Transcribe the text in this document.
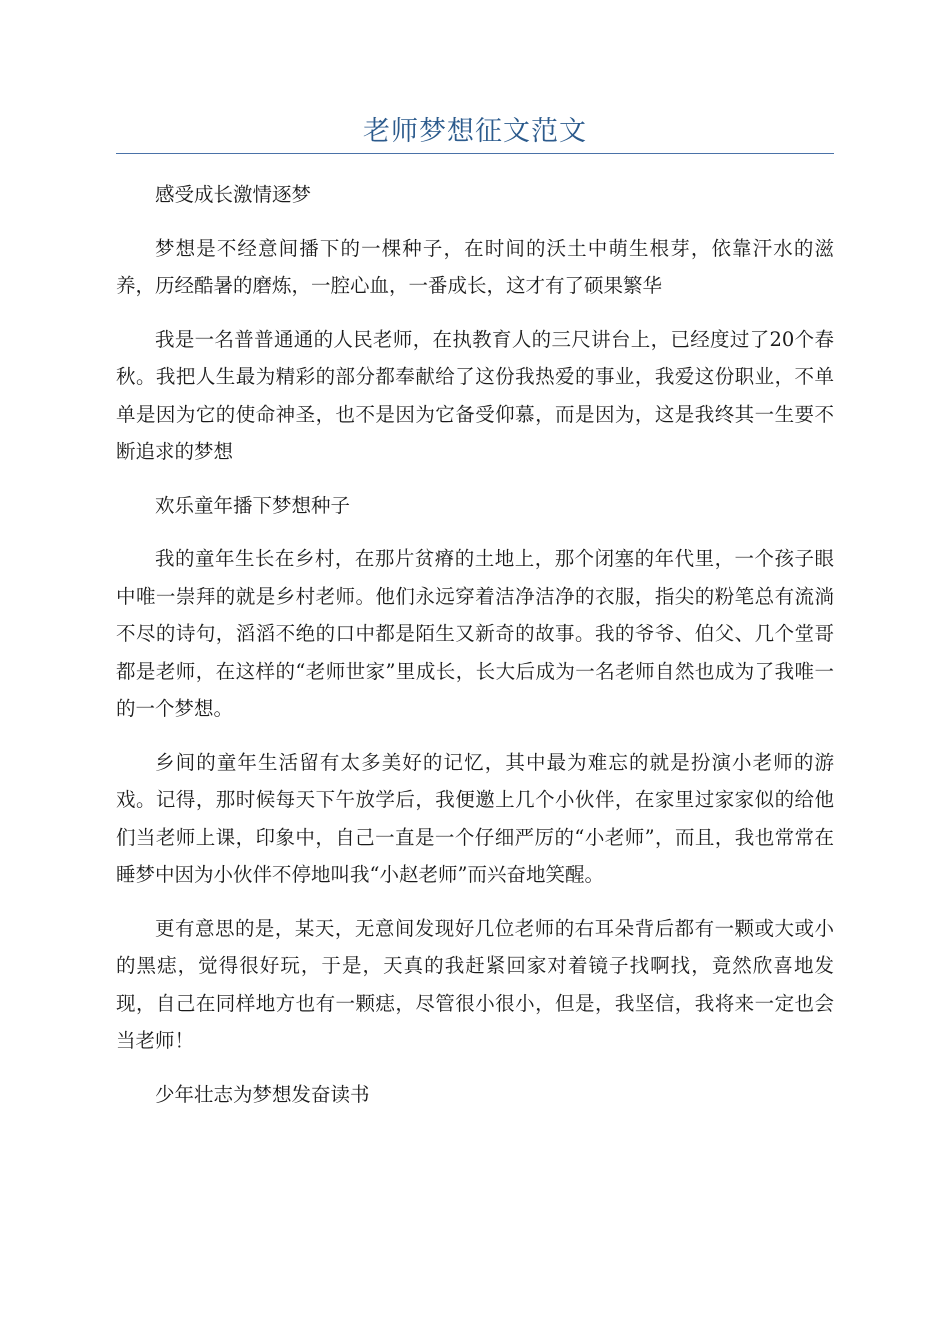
老师梦想征文范文

感受成长激情逐梦

梦想是不经意间播下的一棵种子，在时间的沃土中萌生根芽，依靠汗水的滋养，历经酷暑的磨炼，一腔心血，一番成长，这才有了硕果繁华

我是一名普普通通的人民老师，在执教育人的三尺讲台上，已经度过了20个春秋。我把人生最为精彩的部分都奉献给了这份我热爱的事业，我爱这份职业，不单单是因为它的使命神圣，也不是因为它备受仰慕，而是因为，这是我终其一生要不断追求的梦想

欢乐童年播下梦想种子

我的童年生长在乡村，在那片贫瘠的土地上，那个闭塞的年代里，一个孩子眼中唯一崇拜的就是乡村老师。他们永远穿着洁净洁净的衣服，指尖的粉笔总有流淌不尽的诗句，滔滔不绝的口中都是陌生又新奇的故事。我的爷爷、伯父、几个堂哥都是老师，在这样的“老师世家”里成长，长大后成为一名老师自然也成为了我唯一的一个梦想。

乡间的童年生活留有太多美好的记忆，其中最为难忘的就是扮演小老师的游戏。记得，那时候每天下午放学后，我便邀上几个小伙伴，在家里过家家似的给他们当老师上课，印象中，自己一直是一个仔细严厉的“小老师”，而且，我也常常在睡梦中因为小伙伴不停地叫我“小赵老师”而兴奋地笑醒。

更有意思的是，某天，无意间发现好几位老师的右耳朵背后都有一颗或大或小的黑痣，觉得很好玩，于是，天真的我赶紧回家对着镜子找啊找，竟然欣喜地发现，自己在同样地方也有一颗痣，尽管很小很小，但是，我坚信，我将来一定也会当老师！

少年壮志为梦想发奋读书
